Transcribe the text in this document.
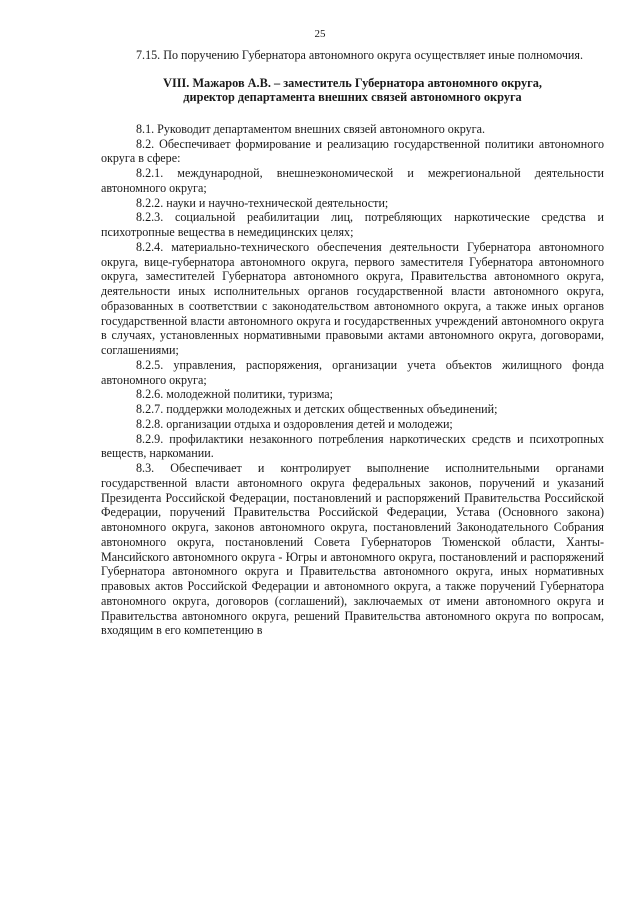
25

7.15. По поручению Губернатора автономного округа осуществляет иные полномочия.

VIII. Мажаров А.В. – заместитель Губернатора автономного округа,
директор департамента внешних связей автономного округа

8.1. Руководит департаментом внешних связей автономного округа.

8.2. Обеспечивает формирование и реализацию государственной политики автономного округа в сфере:

8.2.1. международной, внешнеэкономической и межрегиональной деятельности автономного округа;

8.2.2. науки и научно-технической деятельности;

8.2.3. социальной реабилитации лиц, потребляющих наркотические средства и психотропные вещества в немедицинских целях;

8.2.4. материально-технического обеспечения деятельности Губернатора автономного округа, вице-губернатора автономного округа, первого заместителя Губернатора автономного округа, заместителей Губернатора автономного округа, Правительства автономного округа, деятельности иных исполнительных органов государственной власти автономного округа, образованных в соответствии с законодательством автономного округа, а также иных органов государственной власти автономного округа и государственных учреждений автономного округа в случаях, установленных нормативными правовыми актами автономного округа, договорами, соглашениями;

8.2.5. управления, распоряжения, организации учета объектов жилищного фонда автономного округа;

8.2.6. молодежной политики, туризма;

8.2.7. поддержки молодежных и детских общественных объединений;

8.2.8. организации отдыха и оздоровления детей и молодежи;

8.2.9. профилактики незаконного потребления наркотических средств и психотропных веществ, наркомании.

8.3. Обеспечивает и контролирует выполнение исполнительными органами государственной власти автономного округа федеральных законов, поручений и указаний Президента Российской Федерации, постановлений и распоряжений Правительства Российской Федерации, поручений Правительства Российской Федерации, Устава (Основного закона) автономного округа, законов автономного округа, постановлений Законодательного Собрания автономного округа, постановлений Совета Губернаторов Тюменской области, Ханты-Мансийского автономного округа - Югры и автономного округа, постановлений и распоряжений Губернатора автономного округа и Правительства автономного округа, иных нормативных правовых актов Российской Федерации и автономного округа, а также поручений Губернатора автономного округа, договоров (соглашений), заключаемых от имени автономного округа и Правительства автономного округа, решений Правительства автономного округа по вопросам, входящим в его компетенцию в
